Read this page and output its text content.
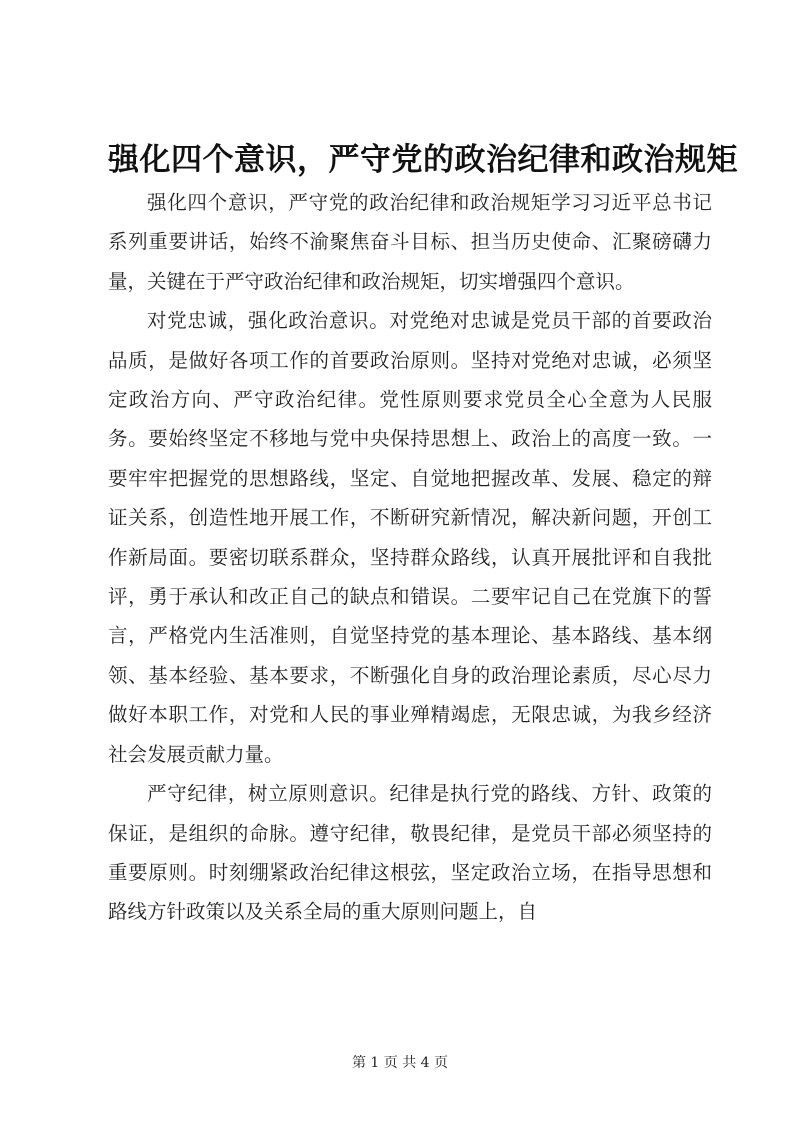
强化四个意识，严守党的政治纪律和政治规矩

强化四个意识，严守党的政治纪律和政治规矩学习习近平总书记系列重要讲话，始终不渝聚焦奋斗目标、担当历史使命、汇聚磅礴力量，关键在于严守政治纪律和政治规矩，切实增强四个意识。

对党忠诚，强化政治意识。对党绝对忠诚是党员干部的首要政治品质，是做好各项工作的首要政治原则。坚持对党绝对忠诚，必须坚定政治方向、严守政治纪律。党性原则要求党员全心全意为人民服务。要始终坚定不移地与党中央保持思想上、政治上的高度一致。一要牢牢把握党的思想路线，坚定、自觉地把握改革、发展、稳定的辩证关系，创造性地开展工作，不断研究新情况，解决新问题，开创工作新局面。要密切联系群众，坚持群众路线，认真开展批评和自我批评，勇于承认和改正自己的缺点和错误。二要牢记自己在党旗下的誓言，严格党内生活准则，自觉坚持党的基本理论、基本路线、基本纲领、基本经验、基本要求，不断强化自身的政治理论素质，尽心尽力做好本职工作，对党和人民的事业殚精竭虑，无限忠诚，为我乡经济社会发展贡献力量。

严守纪律，树立原则意识。纪律是执行党的路线、方针、政策的保证，是组织的命脉。遵守纪律，敬畏纪律，是党员干部必须坚持的重要原则。时刻绷紧政治纪律这根弦，坚定政治立场，在指导思想和路线方针政策以及关系全局的重大原则问题上，自

第 1 页 共 4 页
